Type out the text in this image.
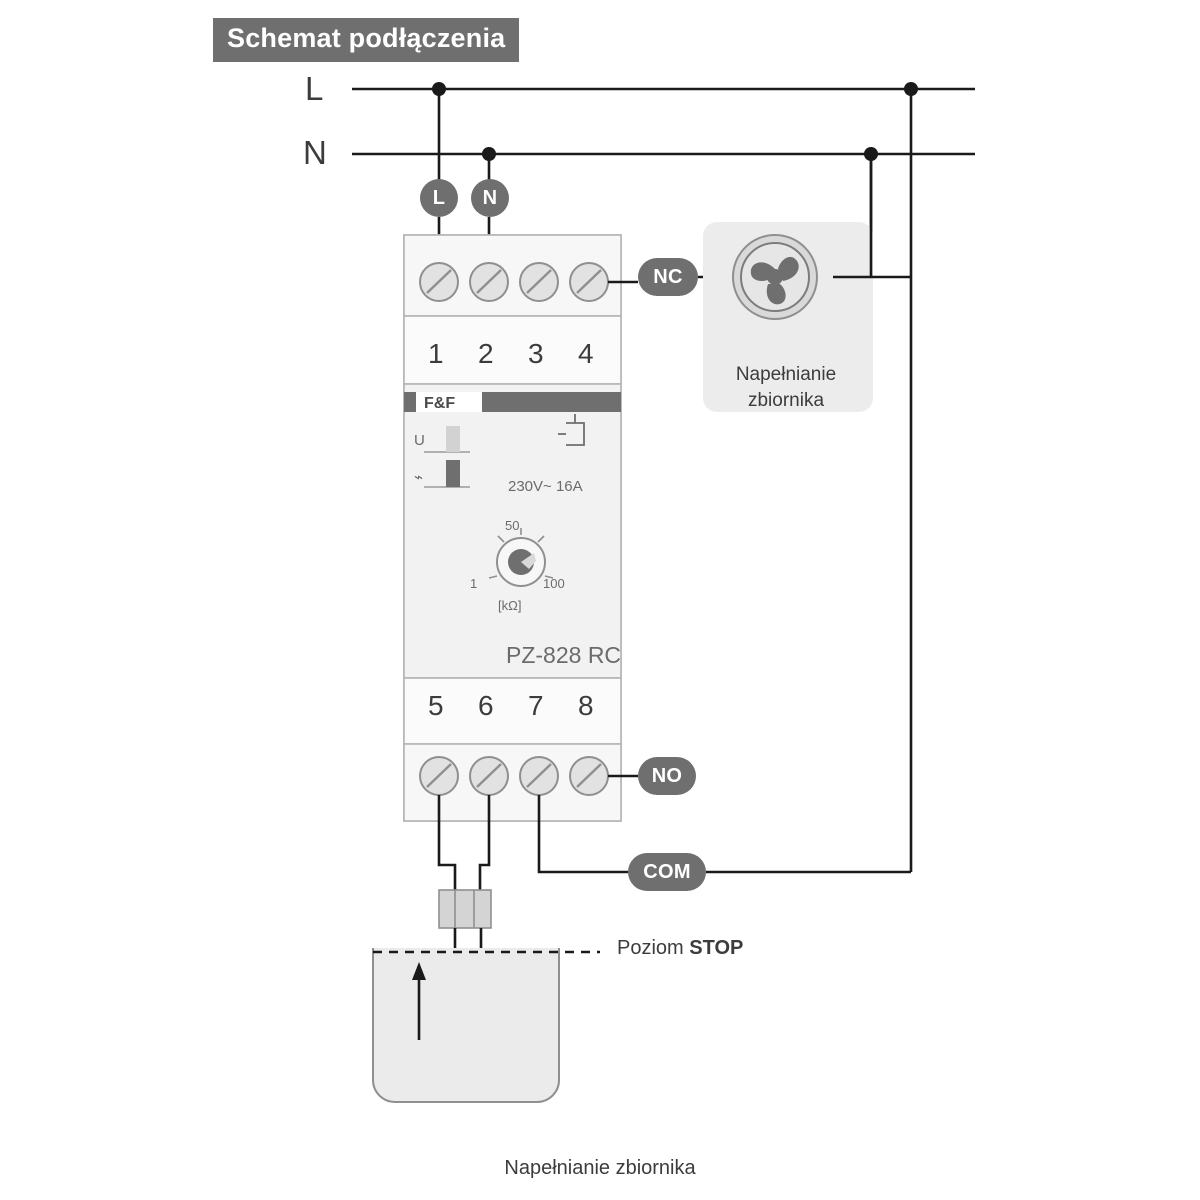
Schemat podłączenia
F&F
L
N
L	N
NC
NO
COM
1 2 3 4
5 6 7 8
U
⌁
230V~ 16A
PZ-828 RC
50
1	100
[kΩ]
Napełnianie
zbiornika
Poziom STOP
Napełnianie zbiornika
